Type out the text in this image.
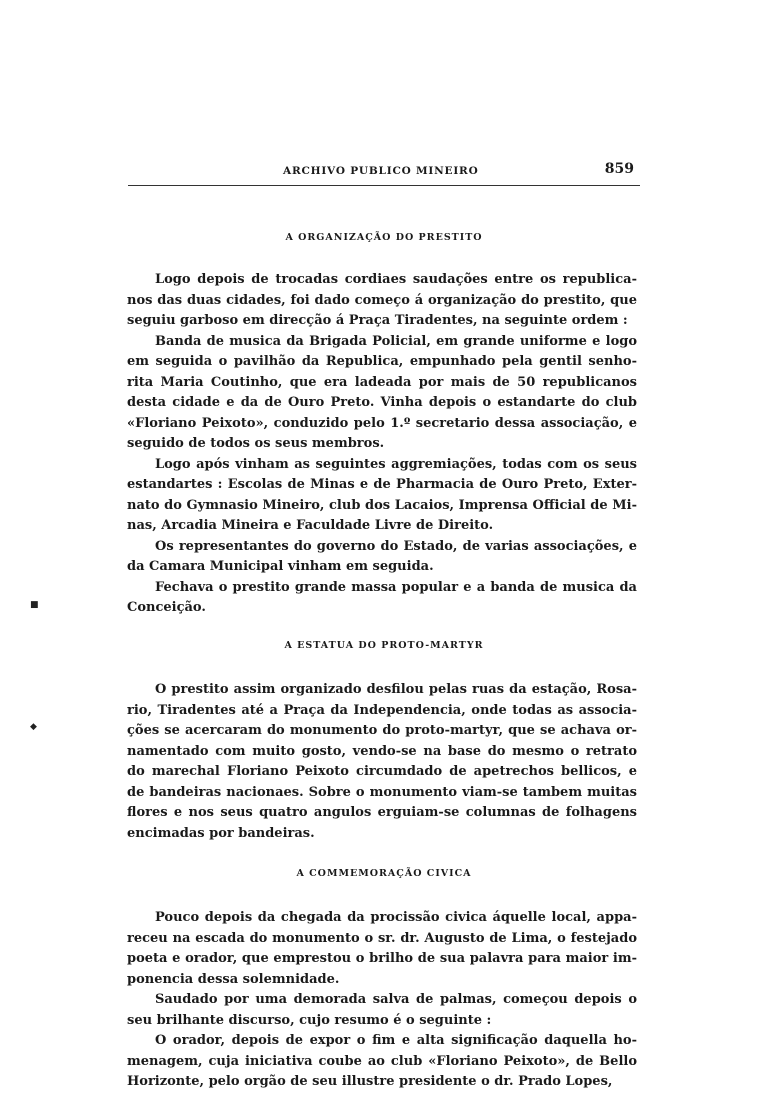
ARCHIVO PUBLICO MINEIRO	859
A ORGANIZAÇÃO DO PRESTITO

Logo depois de trocadas cordiaes saudações entre os republicanos das duas cidades, foi dado começo á organização do prestito, que seguiu garboso em direcção á Praça Tiradentes, na seguinte ordem :

Banda de musica da Brigada Policial, em grande uniforme e logo em seguida o pavilhão da Republica, empunhado pela gentil senhorita Maria Coutinho, que era ladeada por mais de 50 republicanos desta cidade e da de Ouro Preto. Vinha depois o estandarte do club «Floriano Peixoto», conduzido pelo 1.º secretario dessa associação, e seguido de todos os seus membros.

Logo após vinham as seguintes aggremiações, todas com os seus estandartes : Escolas de Minas e de Pharmacia de Ouro Preto, Externato do Gymnasio Mineiro, club dos Lacaios, Imprensa Official de Minas, Arcadia Mineira e Faculdade Livre de Direito.

Os representantes do governo do Estado, de varias associações, e da Camara Municipal vinham em seguida.

Fechava o prestito grande massa popular e a banda de musica da Conceição.

A ESTATUA DO PROTO-MARTYR

O prestito assim organizado desfilou pelas ruas da estação, Rosario, Tiradentes até a Praça da Independencia, onde todas as associações se acercaram do monumento do proto-martyr, que se achava ornamentado com muito gosto, vendo-se na base do mesmo o retrato do marechal Floriano Peixoto circumdado de apetrechos bellicos, e de bandeiras nacionaes. Sobre o monumento viam-se tambem muitas flores e nos seus quatro angulos erguiam-se columnas de folhagens encimadas por bandeiras.

A COMMEMORAÇÃO CIVICA

Pouco depois da chegada da procissão civica áquelle local, appareceu na escada do monumento o sr. dr. Augusto de Lima, o festejado poeta e orador, que emprestou o brilho de sua palavra para maior imponencia dessa solemnidade.

Saudado por uma demorada salva de palmas, começou depois o seu brilhante discurso, cujo resumo é o seguinte :

O orador, depois de expor o fim e alta significação daquella homenagem, cuja iniciativa coube ao club «Floriano Peixoto», de Bello Horizonte, pelo orgão de seu illustre presidente o dr. Prado Lopes,

■
◆
